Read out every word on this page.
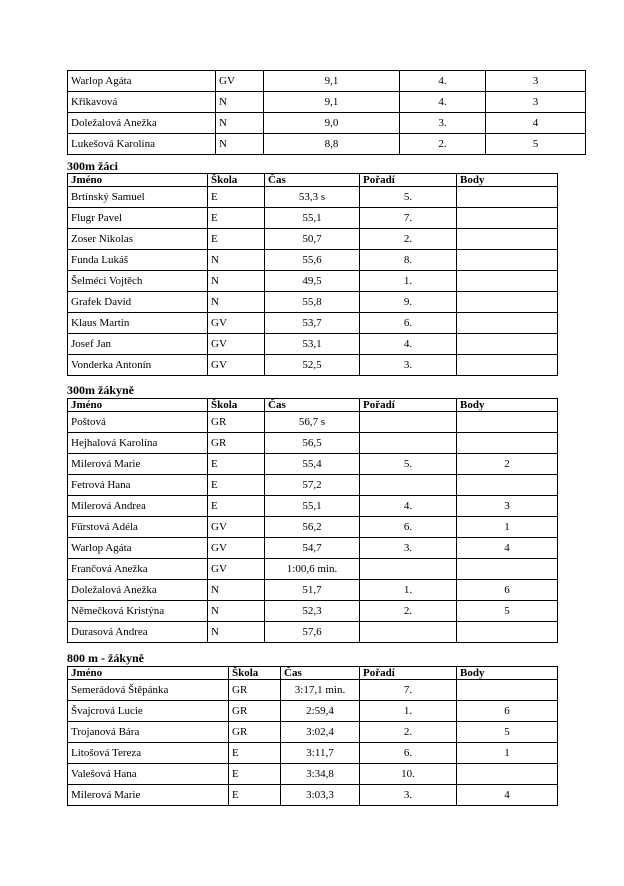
Warlop Agáta	GV	9,1	4.	3
Křikavová	N	9,1	4.	3
Doležalová Anežka	N	9,0	3.	4
Lukešová Karolína	N	8,8	2.	5
300m žáci
Jméno	Škola	Čas	Pořadí	Body
Brtínský Samuel	E	53,3 s	5.	
Flugr Pavel	E	55,1	7.	
Zoser Nikolas	E	50,7	2.	
Funda Lukáš	N	55,6	8.	
Šelméci Vojtěch	N	49,5	1.	
Grafek David	N	55,8	9.	
Klaus Martin	GV	53,7	6.	
Josef Jan	GV	53,1	4.	
Vonderka Antonín	GV	52,5	3.	
300m žákyně
Jméno	Škola	Čas	Pořadí	Body
Poštová	GR	56,7 s		
Hejhalová Karolína	GR	56,5		
Milerová Marie	E	55,4	5.	2
Fetrová Hana	E	57,2		
Milerová Andrea	E	55,1	4.	3
Fürstová Adéla	GV	56,2	6.	1
Warlop Agáta	GV	54,7	3.	4
Frančová Anežka	GV	1:00,6 min.		
Doležalová Anežka	N	51,7	1.	6
Němečková Kristýna	N	52,3	2.	5
Durasová Andrea	N	57,6		
800 m - žákyně
Jméno	Škola	Čas	Pořadí	Body
Semerádová Štěpánka	GR	3:17,1 min.	7.	
Švajcrová Lucie	GR	2:59,4	1.	6
Trojanová Bára	GR	3:02,4	2.	5
Litošová Tereza	E	3:11,7	6.	1
Valešová Hana	E	3:34,8	10.	
Milerová Marie	E	3:03,3	3.	4
